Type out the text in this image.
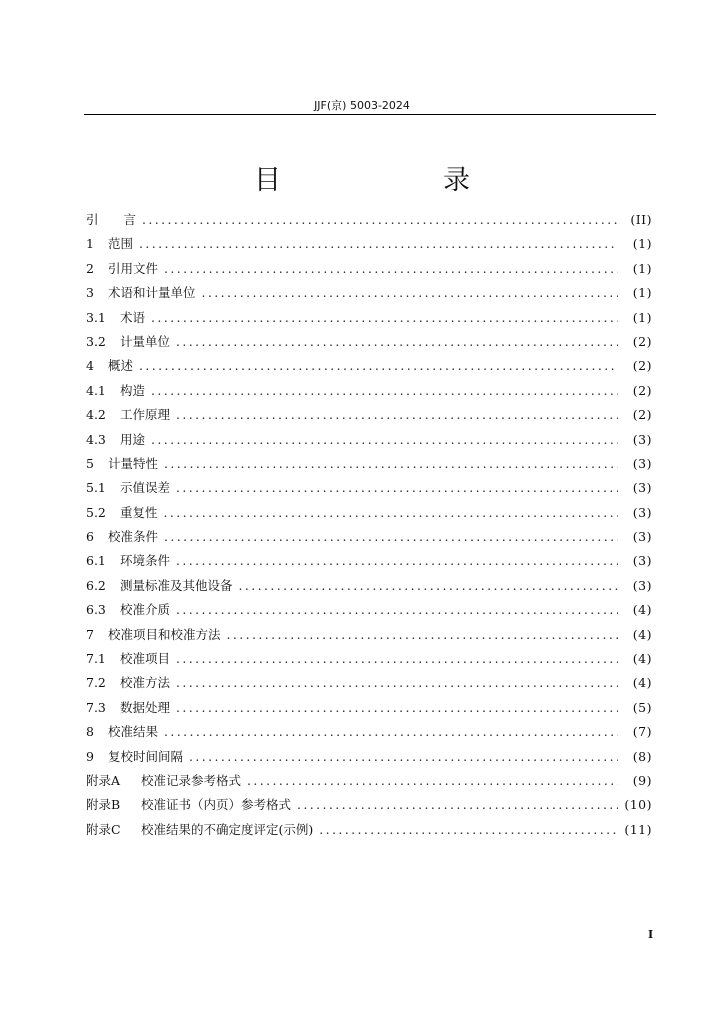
JJF(京) 5003-2024
目　　录
引　　言 .....	(II)
1	范围 .....	(1)
2	引用文件 .....	(1)
3	术语和计量单位 .....	(1)
3.1	术语 .....	(1)
3.2	计量单位 .....	(2)
4	概述 .....	(2)
4.1	构造 .....	(2)
4.2	工作原理 .....	(2)
4.3	用途 .....	(3)
5	计量特性 .....	(3)
5.1	示值误差 .....	(3)
5.2	重复性 .....	(3)
6	校准条件 .....	(3)
6.1	环境条件 .....	(3)
6.2	测量标准及其他设备 .....	(3)
6.3	校准介质 .....	(4)
7	校准项目和校准方法 .....	(4)
7.1	校准项目 .....	(4)
7.2	校准方法 .....	(4)
7.3	数据处理 .....	(5)
8	校准结果 .....	(7)
9	复校时间间隔 .....	(8)
附录A	校准记录参考格式 .....	(9)
附录B	校准证书（内页）参考格式 .....	(10)
附录C	校准结果的不确定度评定(示例) .....	(11)
I
